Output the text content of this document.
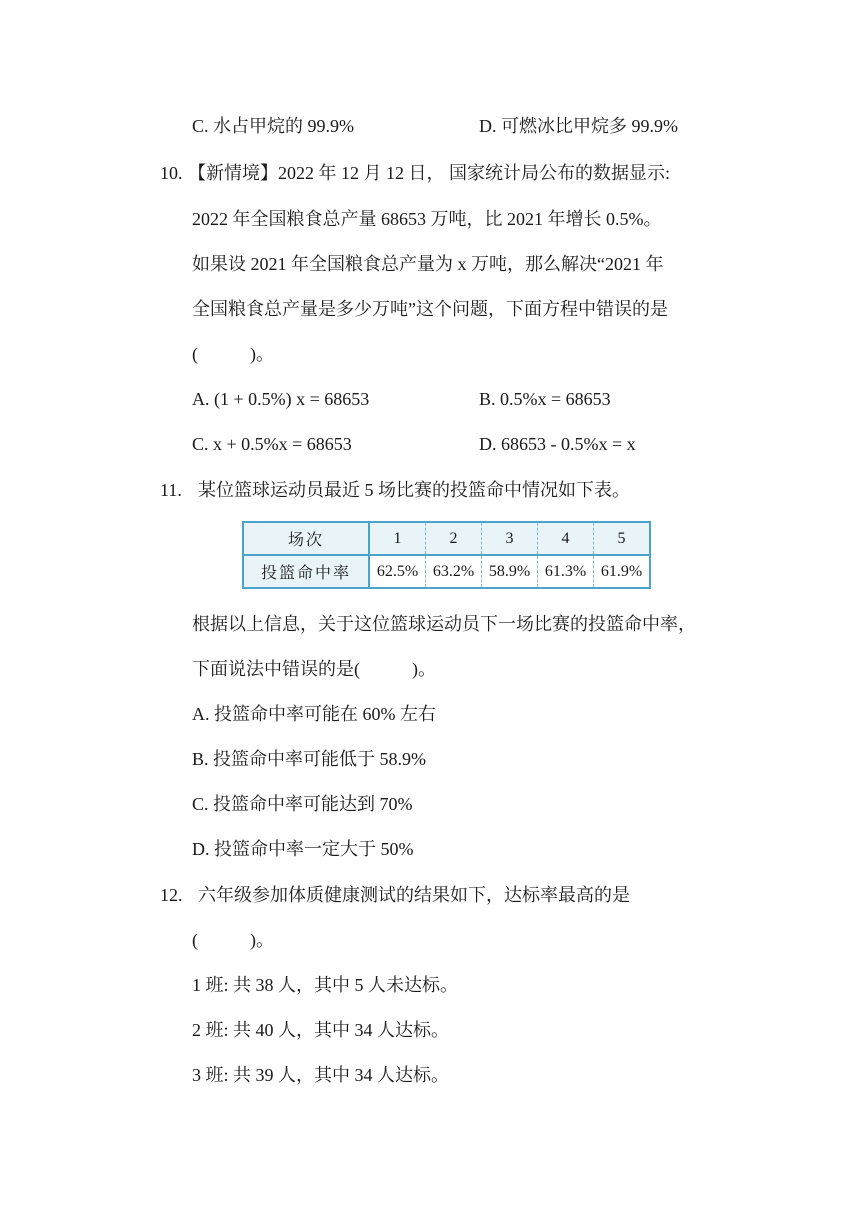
C. 水占甲烷的 99.9%	D. 可燃冰比甲烷多 99.9%
10. 【新情境】2022 年 12 月 12 日， 国家统计局公布的数据显示:
2022 年全国粮食总产量 68653 万吨，比 2021 年增长 0.5%。
如果设 2021 年全国粮食总产量为 x 万吨，那么解决“2021 年
全国粮食总产量是多少万吨”这个问题，下面方程中错误的是
(	)。
A. (1 + 0.5%) x = 68653	B. 0.5%x = 68653
C. x + 0.5%x = 68653	D. 68653 - 0.5%x = x
11. 某位篮球运动员最近 5 场比赛的投篮命中情况如下表。
场次	1	2	3	4	5
投篮命中率	62.5%	63.2%	58.9%	61.3%	61.9%
根据以上信息，关于这位篮球运动员下一场比赛的投篮命中率，
下面说法中错误的是(	)。
A. 投篮命中率可能在 60% 左右
B. 投篮命中率可能低于 58.9%
C. 投篮命中率可能达到 70%
D. 投篮命中率一定大于 50%
12. 六年级参加体质健康测试的结果如下，达标率最高的是
(	)。
1 班: 共 38 人，其中 5 人未达标。
2 班: 共 40 人，其中 34 人达标。
3 班: 共 39 人，其中 34 人达标。
